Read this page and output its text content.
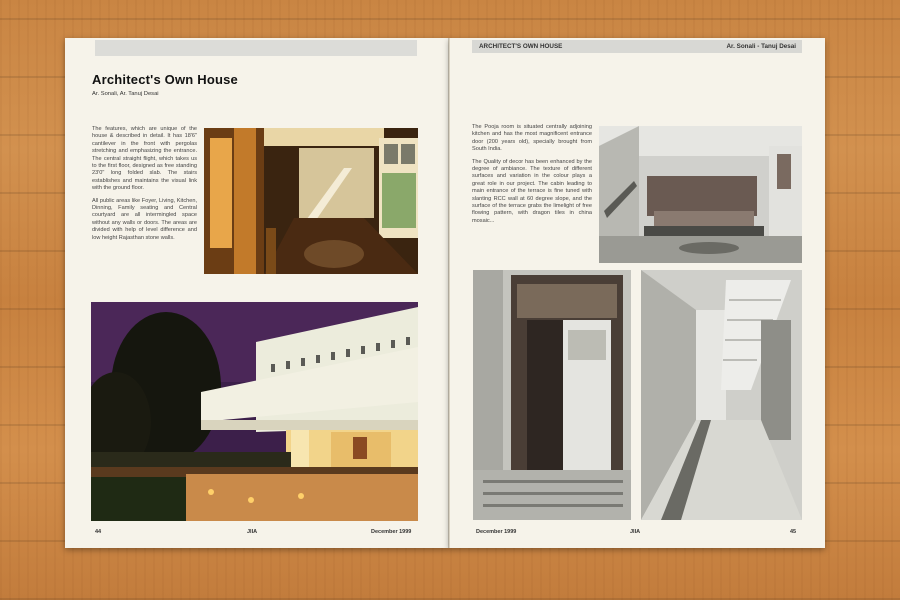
Architect's Own House
Ar. Sonali, Ar. Tanuj Desai

The features, which are unique of the house & described in detail. It has 18'6" cantilever in the front with pergolas stretching and emphasizing the entrance. The central straight flight, which takes us to the first floor, designed as free standing 23'0" long folded slab. The stairs establishes and maintains the visual link with the ground floor.

All public areas like Foyer, Living, Kitchen, Dinning, Family seating and Central courtyard are all intermingled space without any walls or doors. The areas are divided with help of level difference and low height Rajasthan stone walls.

44	JIIA	December 1999
ARCHITECT'S OWN HOUSE	Ar. Sonali - Tanuj Desai

The Pooja room is situated centrally adjoining kitchen and has the most magnificent entrance door (200 years old), specially brought from South India.

The Quality of decor has been enhanced by the degree of ambiance. The texture of different surfaces and variation in the colour plays a great role in our project. The cabin leading to main entrance of the terrace is fine tuned with slanting RCC wall at 60 degree slope, and the surface of the terrace grabs the limelight of free flowing pattern, with dragon tiles in china mosaic...

December 1999	JIIA	45
